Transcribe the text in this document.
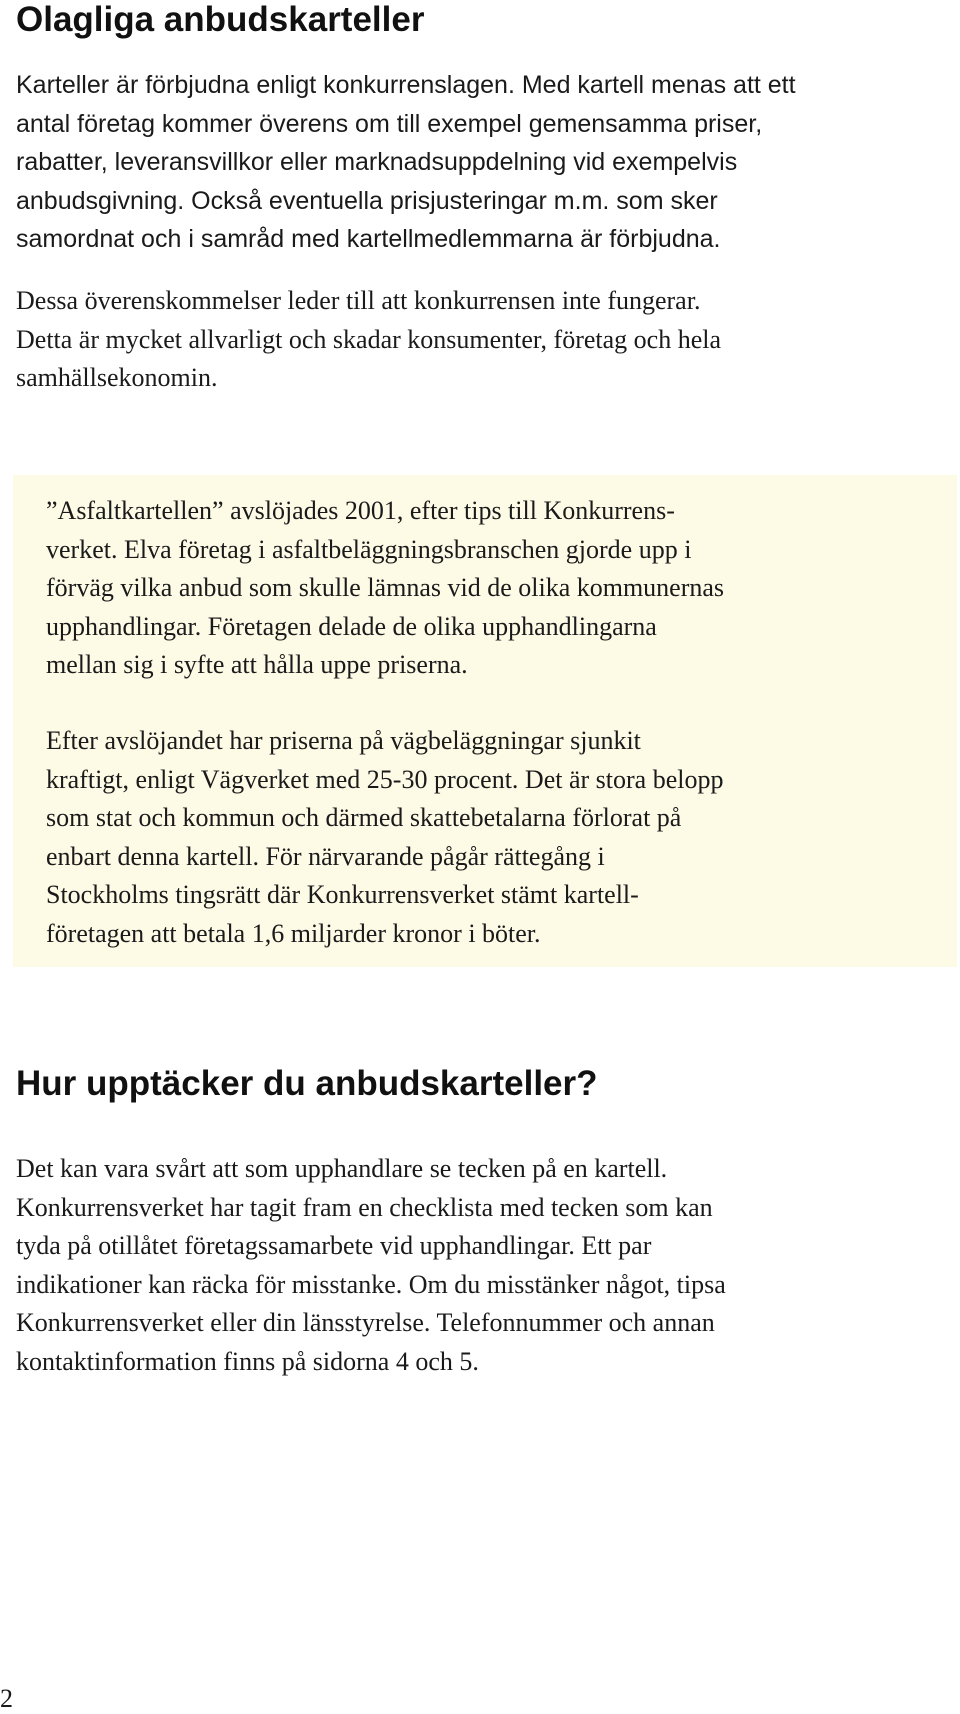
Olagliga anbudskarteller
Karteller är förbjudna enligt konkurrenslagen. Med kartell menas att ett
antal företag kommer överens om till exempel gemensamma priser,
rabatter, leveransvillkor eller marknadsuppdelning vid exempelvis
anbudsgivning. Också eventuella prisjusteringar m.m. som sker
samordnat och i samråd med kartellmedlemmarna är förbjudna.
Dessa överenskommelser leder till att konkurrensen inte fungerar.
Detta är mycket allvarligt och skadar konsumenter, företag och hela
samhällsekonomin.
”Asfaltkartellen” avslöjades 2001, efter tips till Konkurrens-
verket. Elva företag i asfaltbeläggningsbranschen gjorde upp i
förväg vilka anbud som skulle lämnas vid de olika kommunernas
upphandlingar. Företagen delade de olika upphandlingarna
mellan sig i syfte att hålla uppe priserna.
Efter avslöjandet har priserna på vägbeläggningar sjunkit
kraftigt, enligt Vägverket med 25-30 procent. Det är stora belopp
som stat och kommun och därmed skattebetalarna förlorat på
enbart denna kartell. För närvarande pågår rättegång i
Stockholms tingsrätt där Konkurrensverket stämt kartell-
företagen att betala 1,6 miljarder kronor i böter.
Hur upptäcker du anbudskarteller?
Det kan vara svårt att som upphandlare se tecken på en kartell.
Konkurrensverket har tagit fram en checklista med tecken som kan
tyda på otillåtet företagssamarbete vid upphandlingar. Ett par
indikationer kan räcka för misstanke. Om du misstänker något, tipsa
Konkurrensverket eller din länsstyrelse. Telefonnummer och annan
kontaktinformation finns på sidorna 4 och 5.
2
